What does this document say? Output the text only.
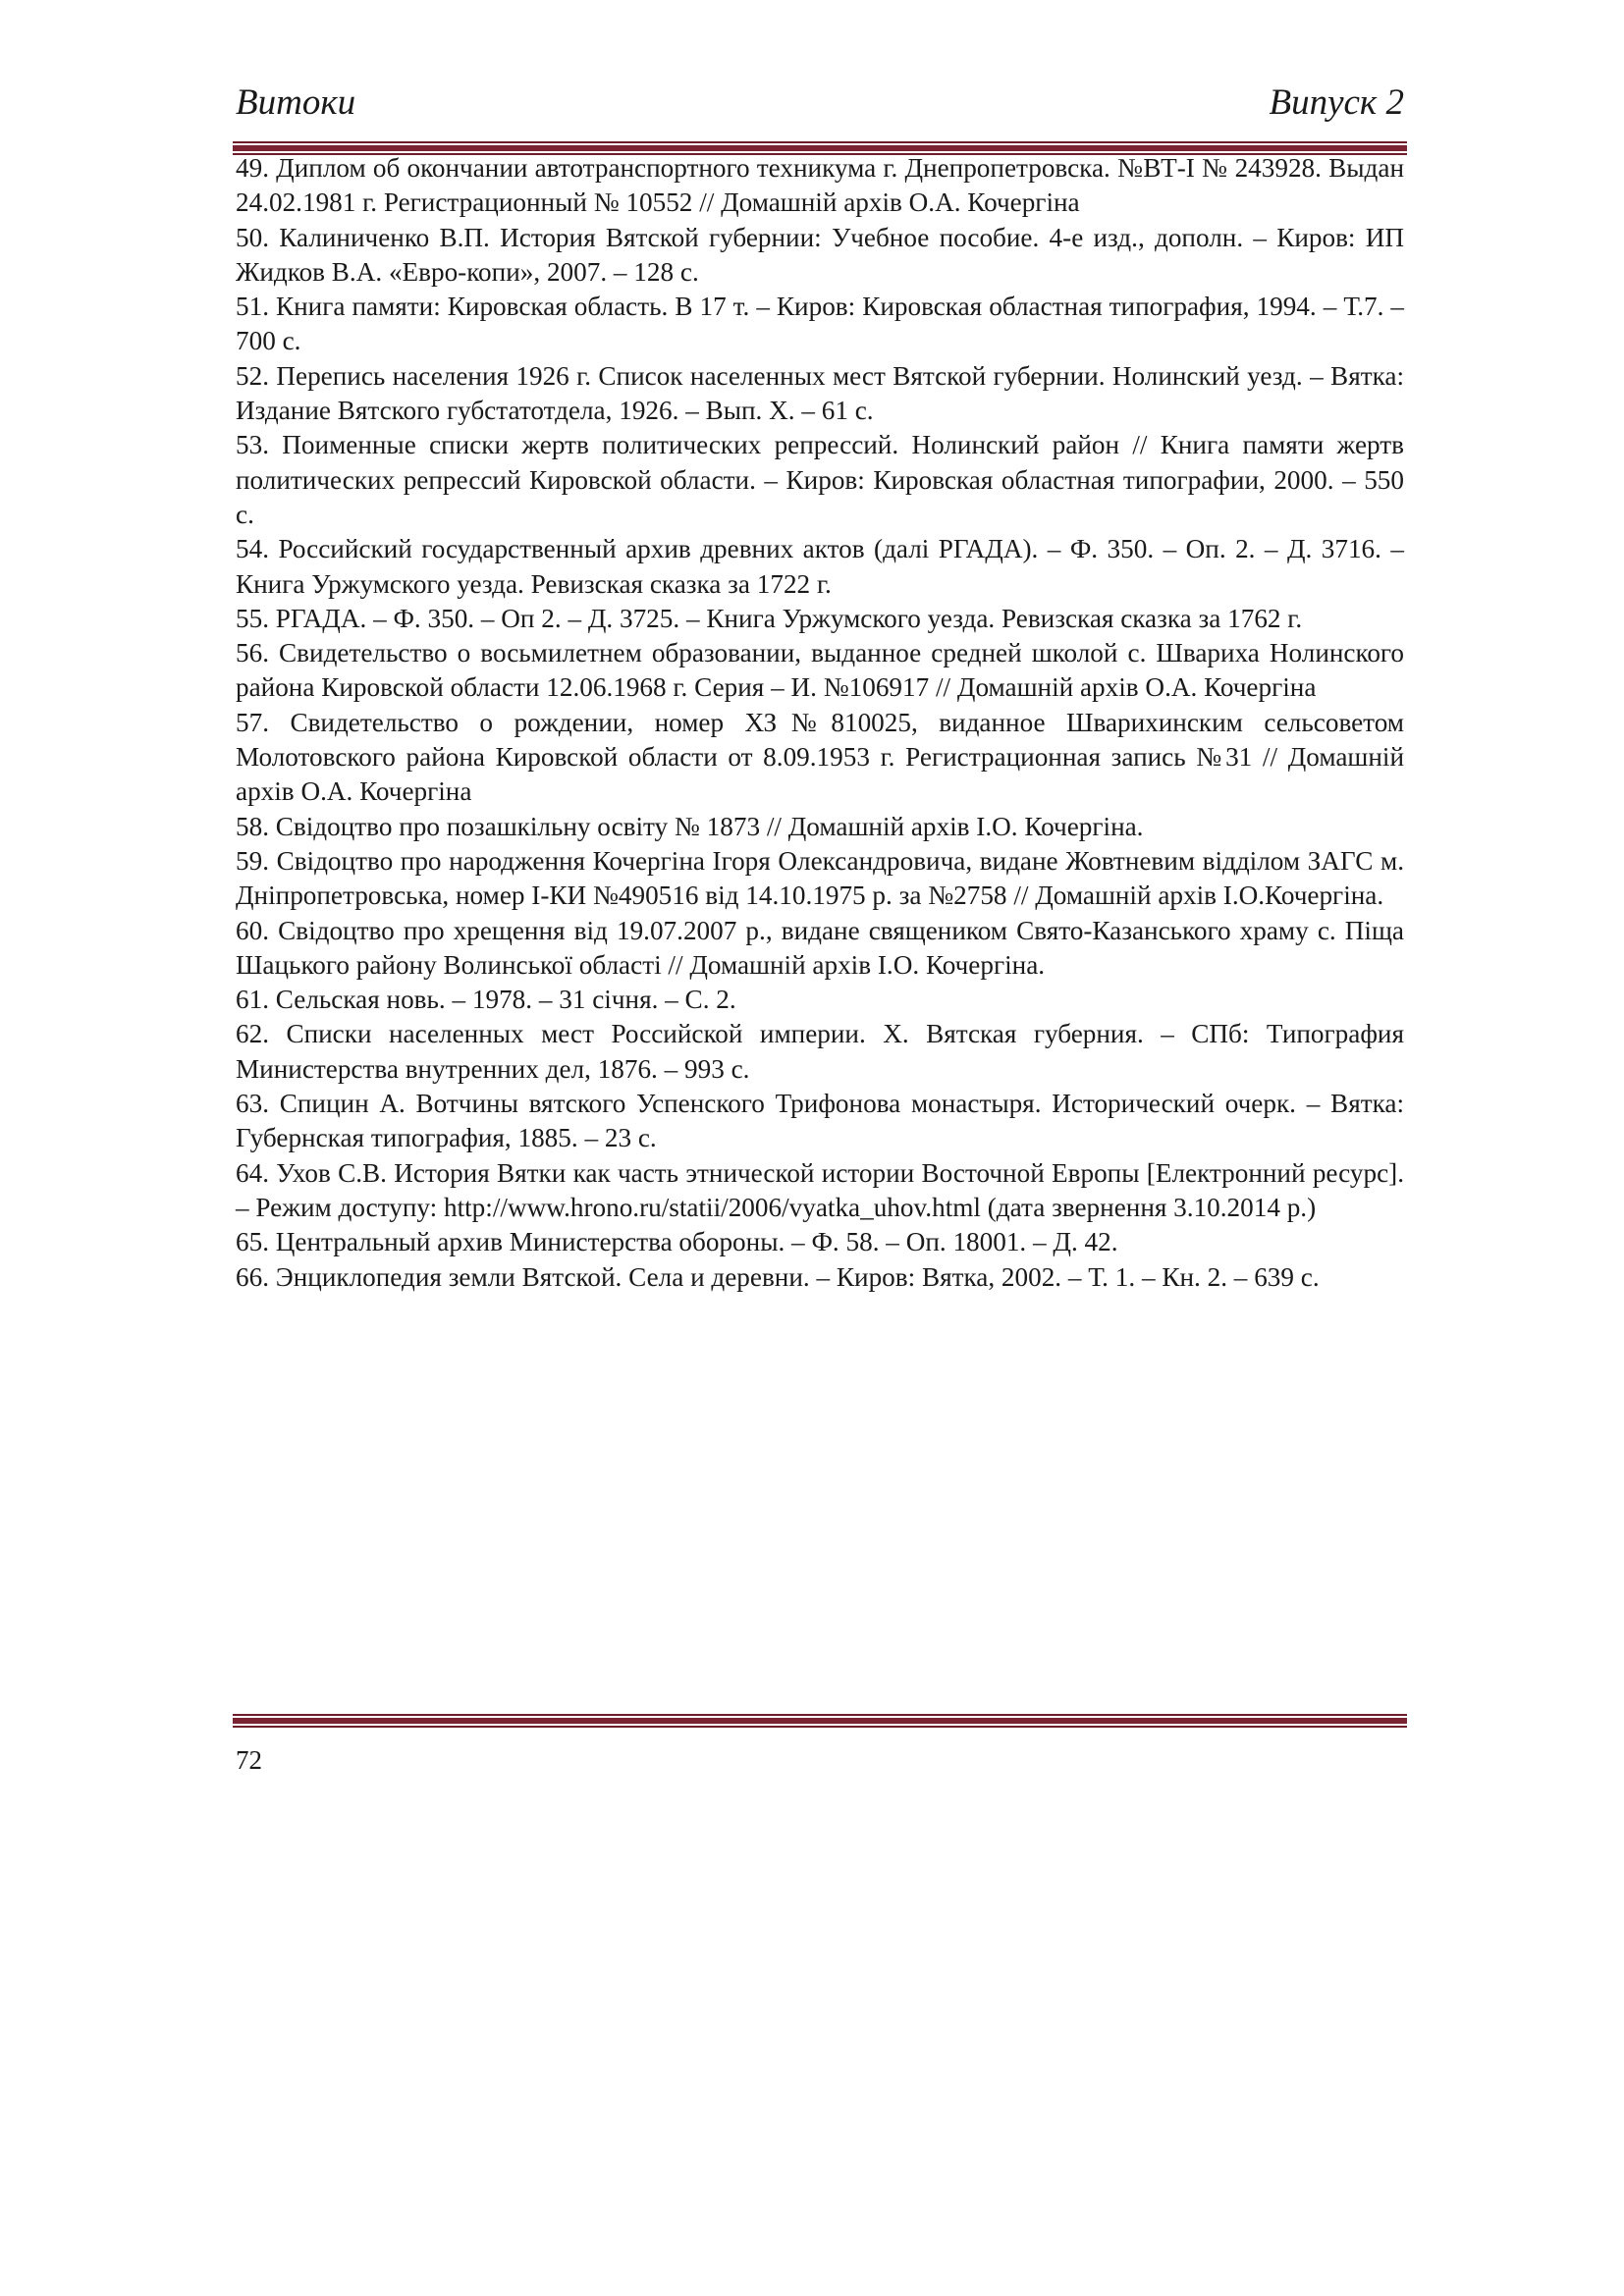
Витоки	Випуск 2

49. Диплом об окончании автотранспортного техникума г. Днепропетровска. №ВТ-І № 243928. Выдан 24.02.1981 г. Регистрационный № 10552 // Домашній архів О.А. Кочергіна

50. Калиниченко В.П. История Вятской губернии: Учебное пособие. 4-е изд., дополн. – Киров: ИП Жидков В.А. «Евро-копи», 2007. – 128 с.

51. Книга памяти: Кировская область. В 17 т. – Киров: Кировская областная типография, 1994. – Т.7. – 700 с.

52. Перепись населения 1926 г. Список населенных мест Вятской губернии. Нолинский уезд. – Вятка: Издание Вятского губстатотдела, 1926. – Вып. Х. – 61 с.

53. Поименные списки жертв политических репрессий. Нолинский район // Книга памяти жертв политических репрессий Кировской области. – Киров: Кировская областная типографии, 2000. – 550 с.

54. Российский государственный архив древних актов (далі РГАДА). – Ф. 350. – Оп. 2. – Д. 3716. – Книга Уржумского уезда. Ревизская сказка за 1722 г.

55. РГАДА. – Ф. 350. – Оп 2. – Д. 3725. – Книга Уржумского уезда. Ревизская сказка за 1762 г.

56. Свидетельство о восьмилетнем образовании, выданное средней школой с. Швариха Нолинского района Кировской области 12.06.1968 г. Серия – И. №106917 // Домашній архів О.А. Кочергіна

57. Свидетельство о рождении, номер ХЗ№810025, виданное Шварихинским сельсоветом Молотовского района Кировской области от 8.09.1953 г. Регистрационная запись №31 // Домашній архів О.А. Кочергіна

58. Свідоцтво про позашкільну освіту № 1873 // Домашній архів І.О. Кочергіна.

59. Свідоцтво про народження Кочергіна Ігоря Олександровича, видане Жовтневим відділом ЗАГС м. Дніпропетровська, номер І-КИ №490516 від 14.10.1975 р. за №2758 // Домашній архів І.О.Кочергіна.

60. Свідоцтво про хрещення від 19.07.2007 р., видане священиком Свято-Казанського храму с. Піща Шацького району Волинської області // Домашній архів І.О. Кочергіна.

61. Сельская новь. – 1978. – 31 січня. – С. 2.

62. Списки населенных мест Российской империи. Х. Вятская губерния. – СПб: Типография Министерства внутренних дел, 1876. – 993 с.

63. Спицин А. Вотчины вятского Успенского Трифонова монастыря. Исторический очерк. – Вятка: Губернская типография, 1885. – 23 с.

64. Ухов С.В. История Вятки как часть этнической истории Восточной Европы [Електронний ресурс]. – Режим доступу: http://www.hrono.ru/statii/2006/vyatka_uhov.html (дата звернення 3.10.2014 р.)

65. Центральный архив Министерства обороны. – Ф. 58. – Оп. 18001. – Д. 42.

66. Энциклопедия земли Вятской. Села и деревни. – Киров: Вятка, 2002. – Т. 1. – Кн. 2. – 639 с.

72
